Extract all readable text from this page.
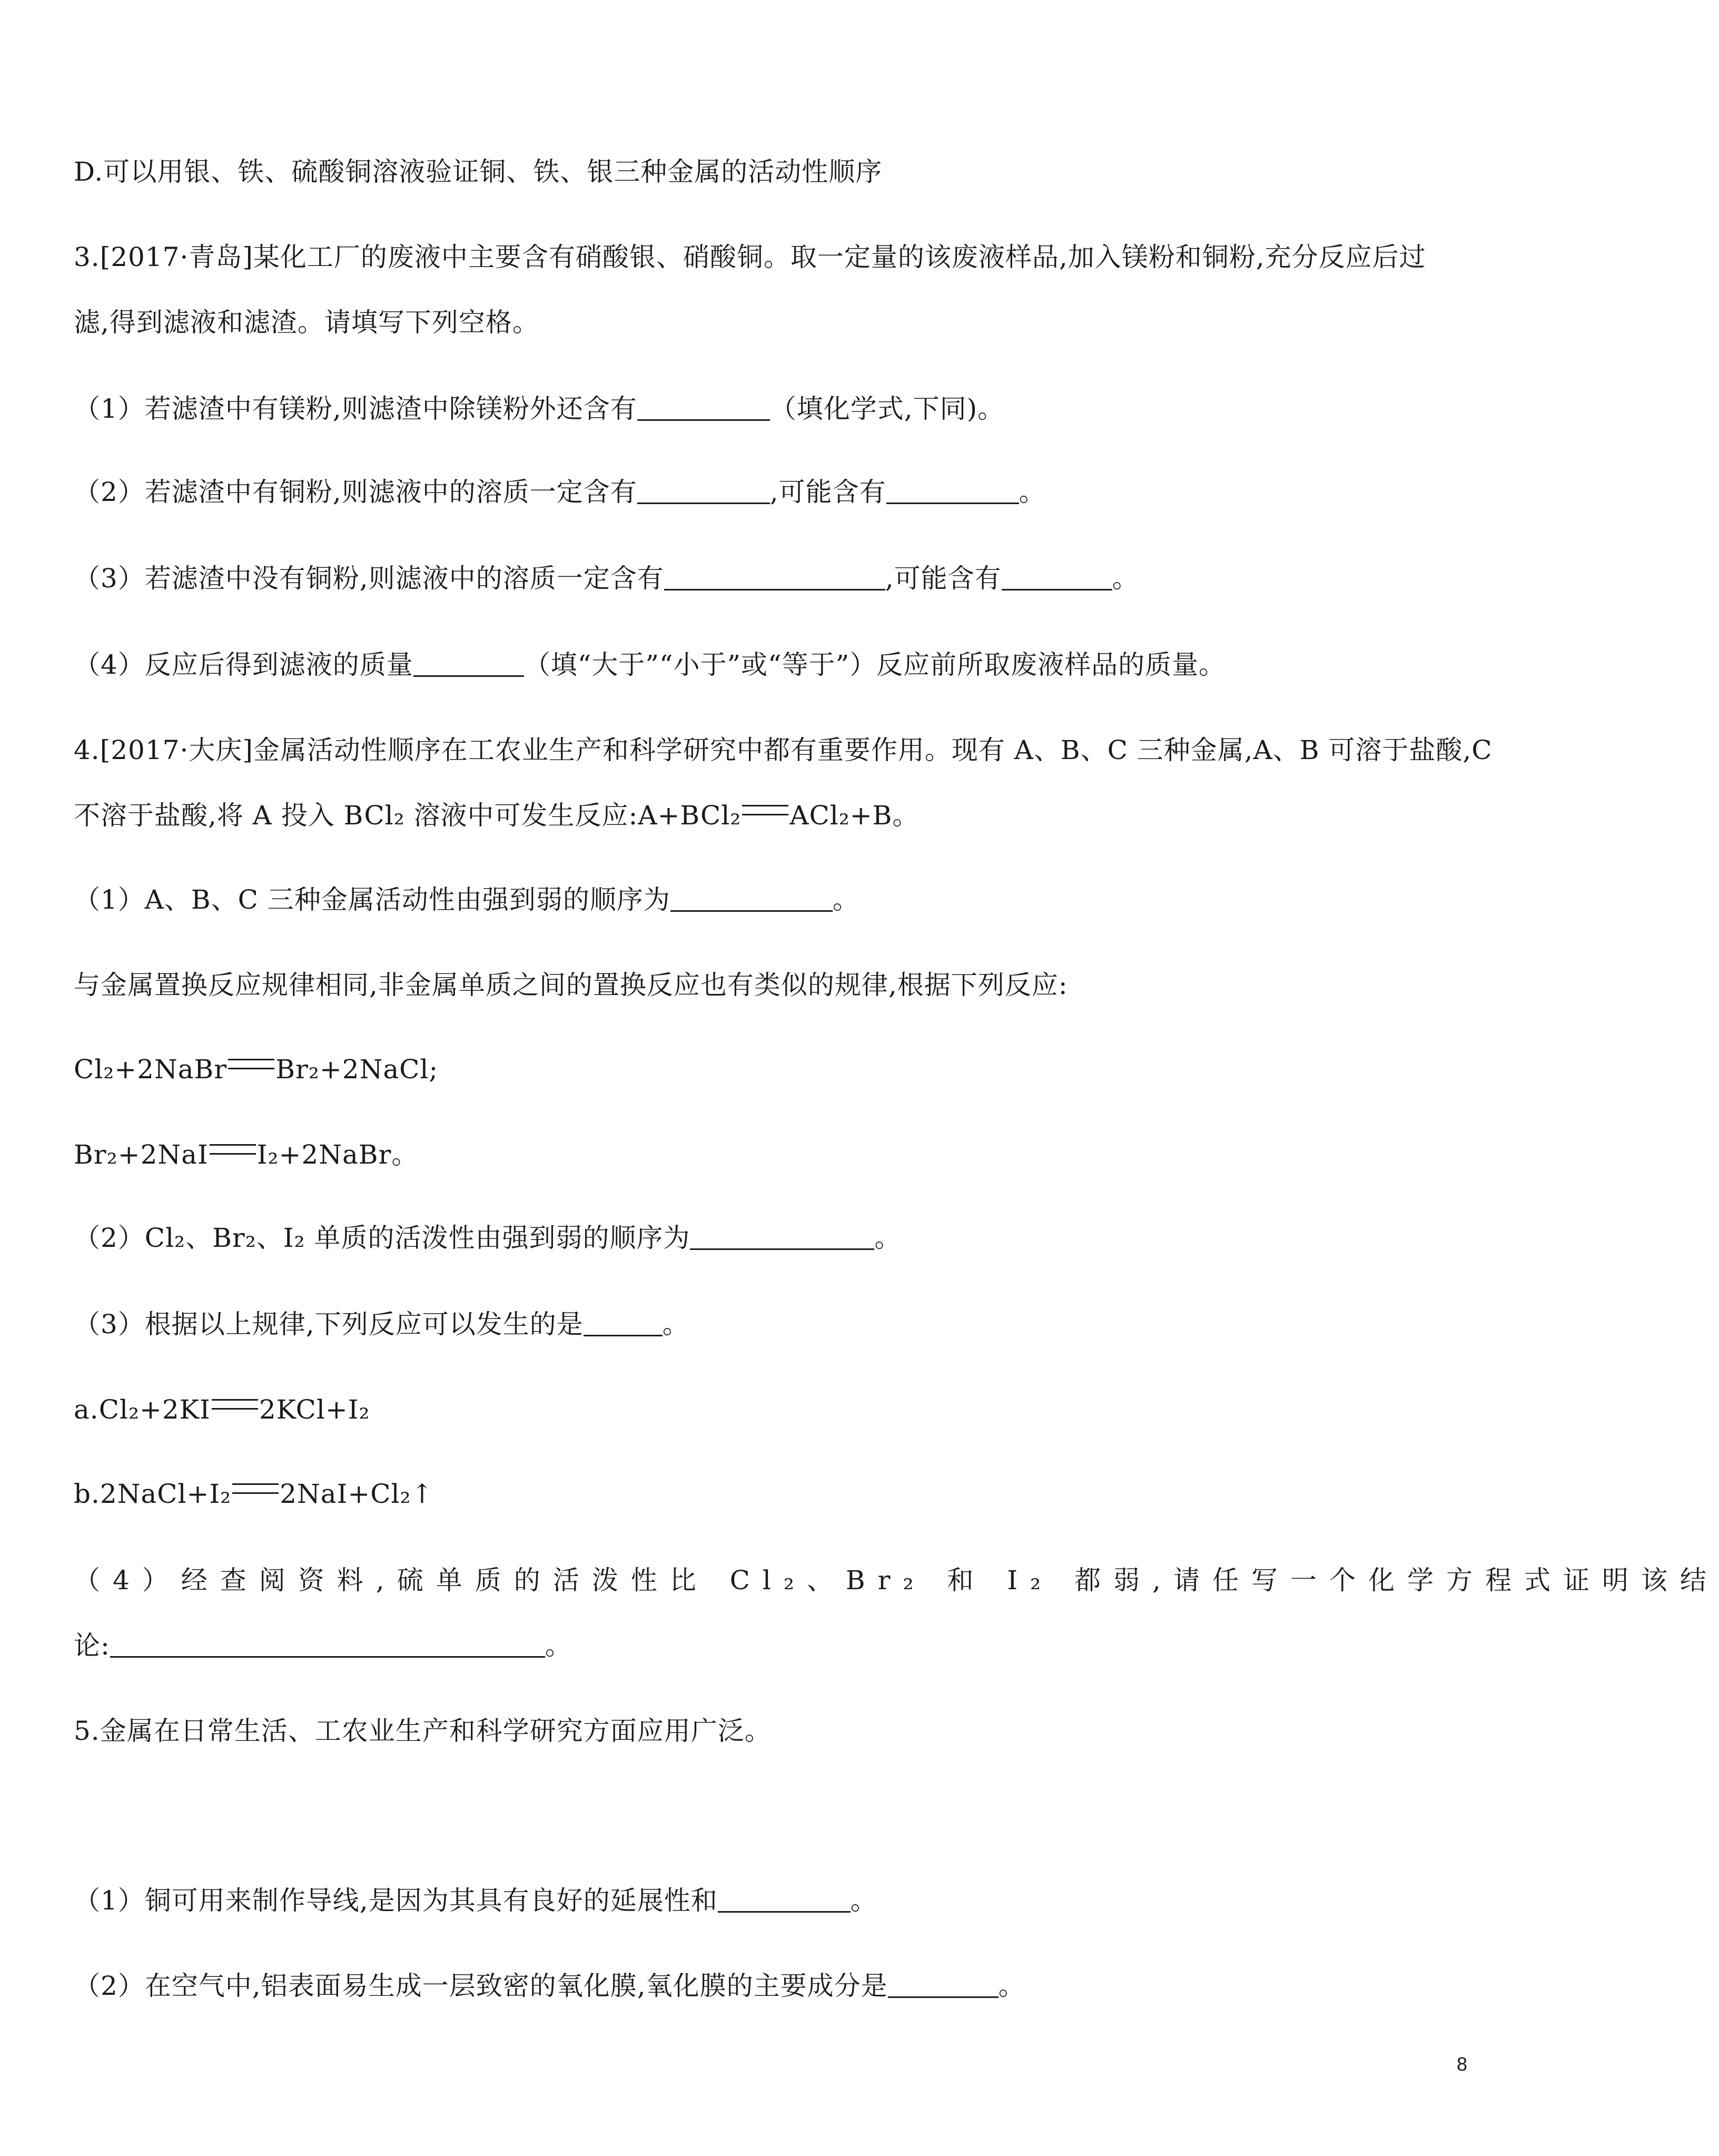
D.可以用银、铁、硫酸铜溶液验证铜、铁、银三种金属的活动性顺序
3.[2017·青岛]某化工厂的废液中主要含有硝酸银、硝酸铜。取一定量的该废液样品,加入镁粉和铜粉,充分反应后过
滤,得到滤液和滤渣。请填写下列空格。
（1）若滤渣中有镁粉,则滤渣中除镁粉外还含有	（填化学式,下同)。
（2）若滤渣中有铜粉,则滤液中的溶质一定含有	,可能含有	。
（3）若滤渣中没有铜粉,则滤液中的溶质一定含有	,可能含有	。
（4）反应后得到滤液的质量	（填“大于”“小于”或“等于”）反应前所取废液样品的质量。
4.[2017·大庆]金属活动性顺序在工农业生产和科学研究中都有重要作用。现有 A、B、C 三种金属,A、B 可溶于盐酸,C
不溶于盐酸,将 A 投入 BCl₂ 溶液中可发生反应:A+BCl₂ ACl₂+B。
（1）A、B、C 三种金属活动性由强到弱的顺序为	。
与金属置换反应规律相同,非金属单质之间的置换反应也有类似的规律,根据下列反应:
Cl₂+2NaBr Br₂+2NaCl;
Br₂+2NaI I₂+2NaBr。
（2）Cl₂、Br₂、I₂ 单质的活泼性由强到弱的顺序为	。
（3）根据以上规律,下列反应可以发生的是	。
a.Cl₂+2KI 2KCl+I₂
b.2NaCl+I₂ 2NaI+Cl₂↑
（4）经查阅资料,硫单质的活泼性比 Cl₂、Br₂ 和 I₂ 都弱,请任写一个化学方程式证明该结
论:	。
5.金属在日常生活、工农业生产和科学研究方面应用广泛。
（1）铜可用来制作导线,是因为其具有良好的延展性和	。
（2）在空气中,铝表面易生成一层致密的氧化膜,氧化膜的主要成分是	。
8
